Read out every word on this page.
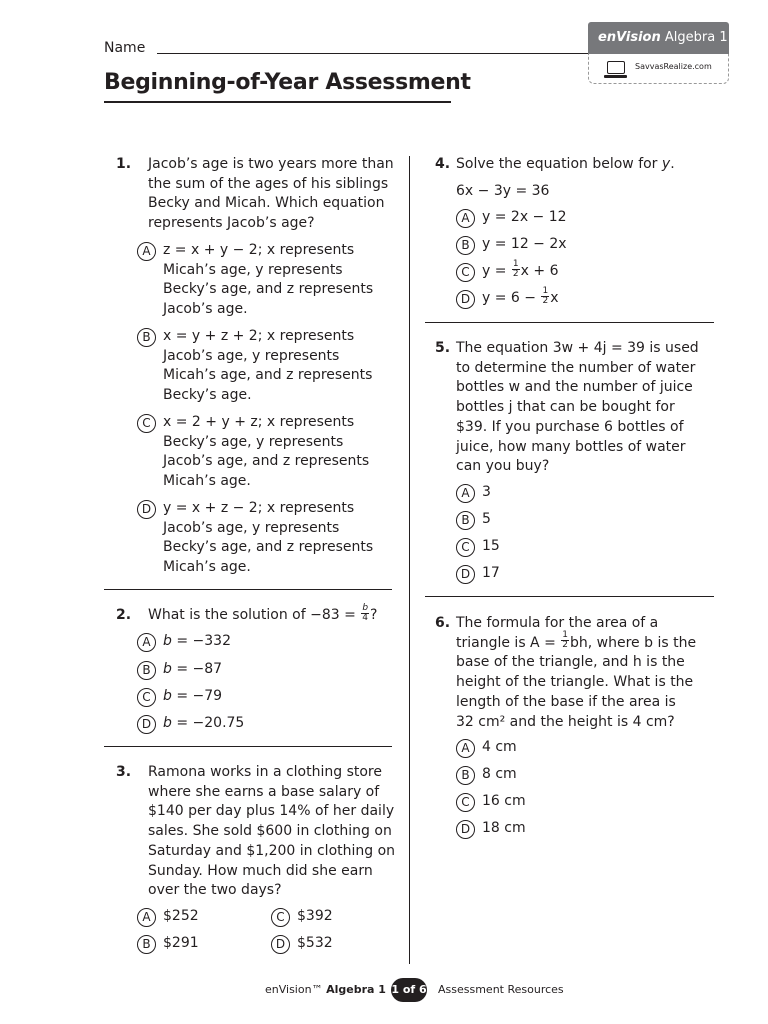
Name
Beginning-of-Year Assessment
enVision Algebra 1
SavvasRealize.com
1. Jacob’s age is two years more than
the sum of the ages of his siblings
Becky and Micah. Which equation
represents Jacob’s age?
A z = x + y − 2; x represents
Micah’s age, y represents
Becky’s age, and z represents
Jacob’s age.
B x = y + z + 2; x represents
Jacob’s age, y represents
Micah’s age, and z represents
Becky’s age.
C x = 2 + y + z; x represents
Becky’s age, y represents
Jacob’s age, and z represents
Micah’s age.
D y = x + z − 2; x represents
Jacob’s age, y represents
Becky’s age, and z represents
Micah’s age.
2. What is the solution of $-83 = \frac{b}{4}$ ?
A b = −332
B b = −87
C b = −79
D b = −20.75
3. Ramona works in a clothing store
where she earns a base salary of
$140 per day plus 14% of her daily
sales. She sold $600 in clothing on
Saturday and $1,200 in clothing on
Sunday. How much did she earn
over the two days?
A $252
B $291
C $392
D $532
4. Solve the equation below for y.
6x − 3y = 36
A y = 2x − 12
B y = 12 − 2x
C $y = \frac{1}{2}$ x + 6
D $y = 6 - \frac{1}{2}$ x
5. The equation 3w + 4j = 39 is used
to determine the number of water
bottles w and the number of juice
bottles j that can be bought for
$39. If you purchase 6 bottles of
juice, how many bottles of water
can you buy?
A 3
B 5
C 15
D 17
6. The formula for the area of a
triangle is $A = \frac{1}{2}$ bh, where b is the
base of the triangle, and h is the
height of the triangle. What is the
length of the base if the area is
32 cm² and the height is 4 cm?
A 4 cm
B 8 cm
C 16 cm
D 18 cm
enVision™ Algebra 1 1 of 6 Assessment Resources
